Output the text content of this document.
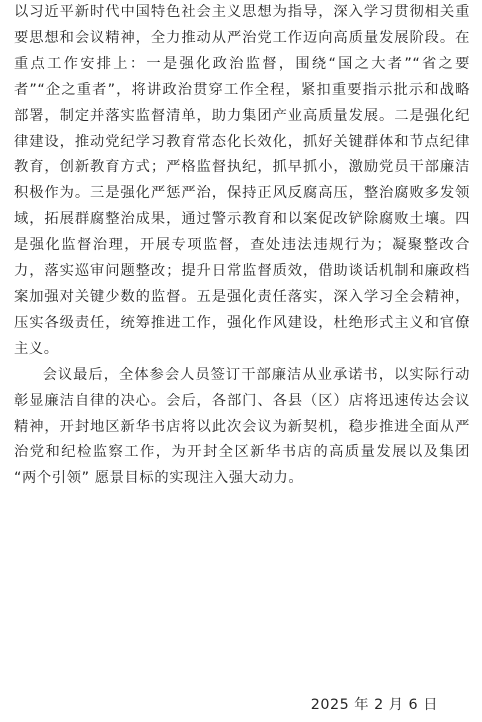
以习近平新时代中国特色社会主义思想为指导，深入学习贯彻相关重要思想和会议精神，全力推动从严治党工作迈向高质量发展阶段。在重点工作安排上：一是强化政治监督，围绕“国之大者”“省之要者”“企之重者”，将讲政治贯穿工作全程，紧扣重要指示批示和战略部署，制定并落实监督清单，助力集团产业高质量发展。二是强化纪律建设，推动党纪学习教育常态化长效化，抓好关键群体和节点纪律教育，创新教育方式；严格监督执纪，抓早抓小，激励党员干部廉洁积极作为。三是强化严惩严治，保持正风反腐高压，整治腐败多发领域，拓展群腐整治成果，通过警示教育和以案促改铲除腐败土壤。四是强化监督治理，开展专项监督，查处违法违规行为；凝聚整改合力，落实巡审问题整改；提升日常监督质效，借助谈话机制和廉政档案加强对关键少数的监督。五是强化责任落实，深入学习全会精神，压实各级责任，统筹推进工作，强化作风建设，杜绝形式主义和官僚主义。

会议最后，全体参会人员签订干部廉洁从业承诺书，以实际行动彰显廉洁自律的决心。会后，各部门、各县（区）店将迅速传达会议精神，开封地区新华书店将以此次会议为新契机，稳步推进全面从严治党和纪检监察工作，为开封全区新华书店的高质量发展以及集团 “两个引领” 愿景目标的实现注入强大动力。

2025 年 2 月 6 日
